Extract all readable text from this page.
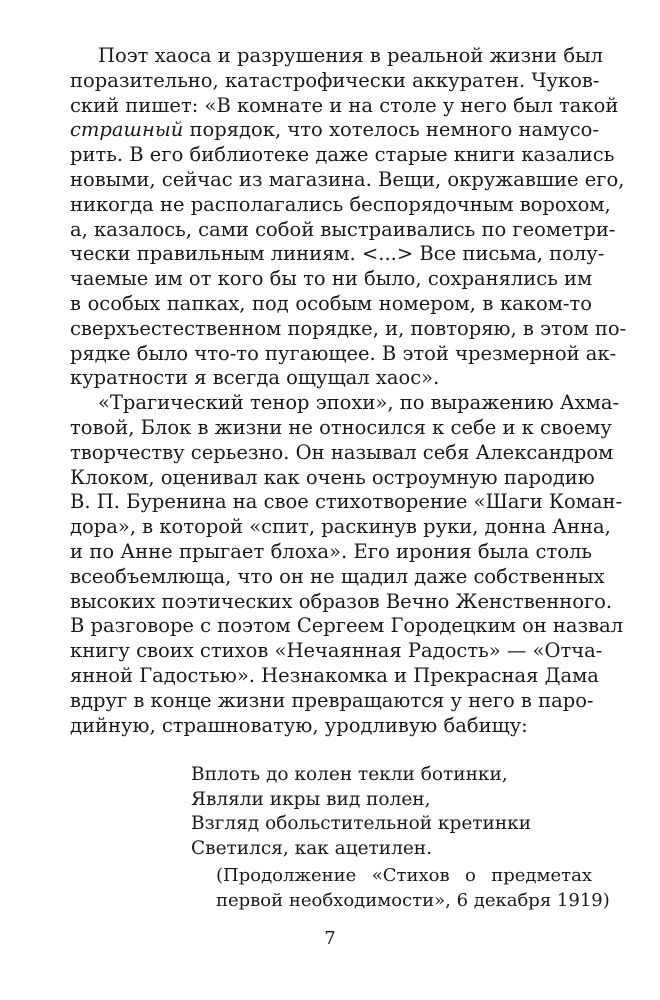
Поэт хаоса и разрушения в реальной жизни был
поразительно, катастрофически аккуратен. Чуков-
ский пишет: «В комнате и на столе у него был такой
страшный порядок, что хотелось немного намусо-
рить. В его библиотеке даже старые книги казались
новыми, сейчас из магазина. Вещи, окружавшие его,
никогда не располагались беспорядочным ворохом,
а, казалось, сами собой выстраивались по геометри-
чески правильным линиям. <...> Все письма, полу-
чаемые им от кого бы то ни было, сохранялись им
в особых папках, под особым номером, в каком-то
сверхъестественном порядке, и, повторяю, в этом по-
рядке было что-то пугающее. В этой чрезмерной ак-
куратности я всегда ощущал хаос».
«Трагический тенор эпохи», по выражению Ахма-
товой, Блок в жизни не относился к себе и к своему
творчеству серьезно. Он называл себя Александром
Клоком, оценивал как очень остроумную пародию
В. П. Буренина на свое стихотворение «Шаги Коман-
дора», в которой «спит, раскинув руки, донна Анна,
и по Анне прыгает блоха». Его ирония была столь
всеобъемлюща, что он не щадил даже собственных
высоких поэтических образов Вечно Женственного.
В разговоре с поэтом Сергеем Городецким он назвал
книгу своих стихов «Нечаянная Радость» — «Отча-
янной Гадостью». Незнакомка и Прекрасная Дама
вдруг в конце жизни превращаются у него в паро-
дийную, страшноватую, уродливую бабищу:
Вплоть до колен текли ботинки,
Являли икры вид полен,
Взгляд обольстительной кретинки
Светился, как ацетилен.
(Продолжение «Стихов о предметах
первой необходимости», 6 декабря 1919)
7
